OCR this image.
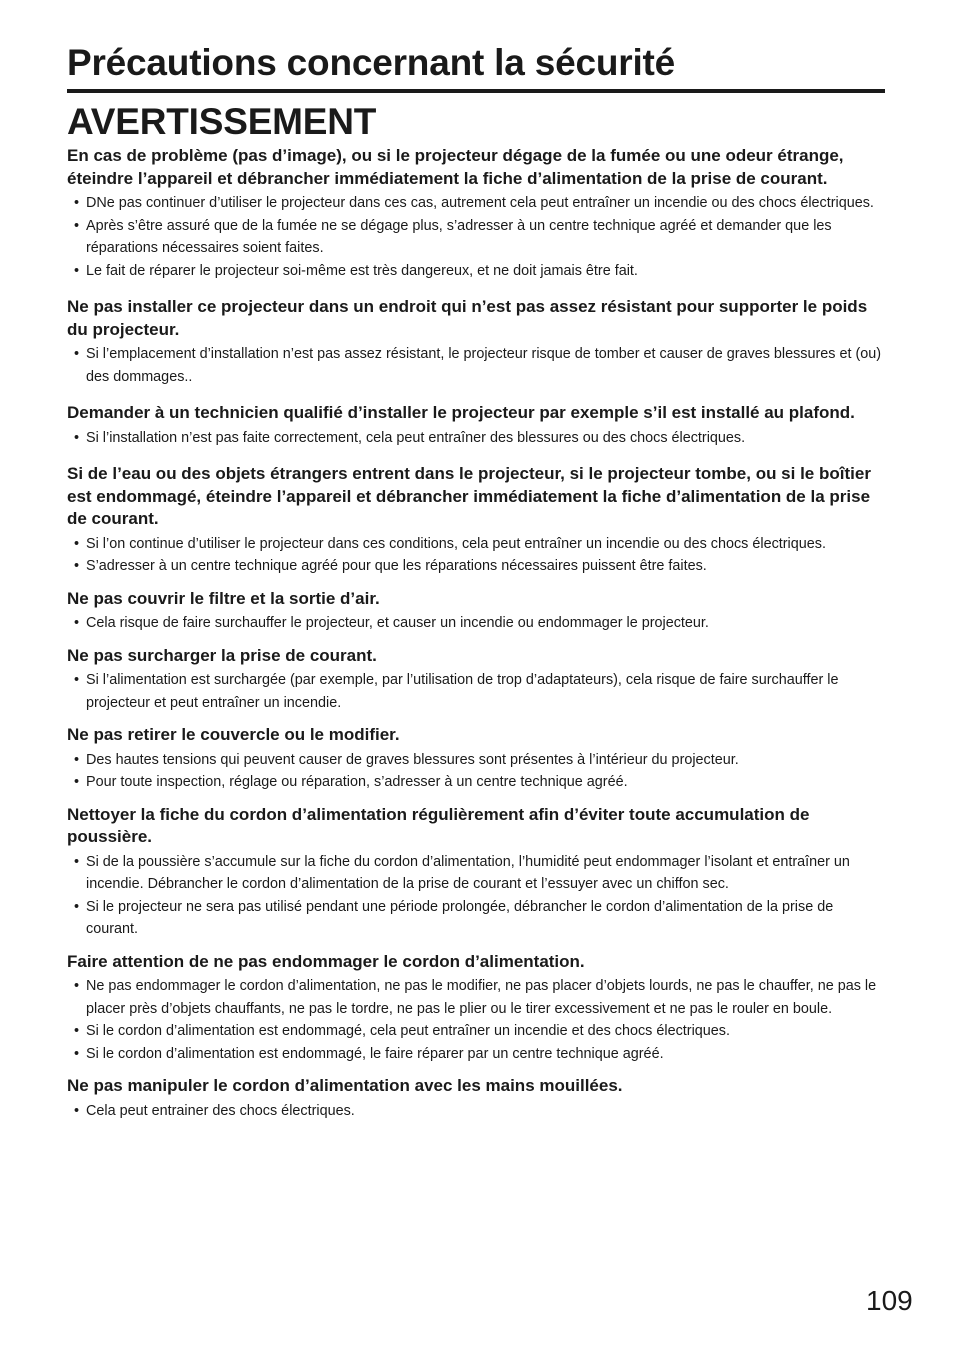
Précautions concernant la sécurité
AVERTISSEMENT
En cas de problème (pas d’image), ou si le projecteur dégage de la fumée ou une odeur étrange, éteindre l’appareil et débrancher immédiatement la fiche d’alimentation de la prise de courant.
• DNe pas continuer d’utiliser le projecteur dans ces cas, autrement cela peut entraîner un incendie ou des chocs électriques.
• Après s’être assuré que de la fumée ne se dégage plus, s’adresser à un centre technique agréé et demander que les réparations nécessaires soient faites.
• Le fait de réparer le projecteur soi-même est très dangereux, et ne doit jamais être fait.
Ne pas installer ce projecteur dans un endroit qui n’est pas assez résistant pour supporter le poids du projecteur.
• Si l’emplacement d’installation n’est pas assez résistant, le projecteur risque de tomber et causer de graves blessures et (ou) des dommages..
Demander à un technicien qualifié d’installer le projecteur par exemple s’il est installé au plafond.
• Si l’installation n’est pas faite correctement, cela peut entraîner des blessures ou des chocs électriques.
Si de l’eau ou des objets étrangers entrent dans le projecteur, si le projecteur tombe, ou si le boîtier est endommagé, éteindre l’appareil et débrancher immédiatement la fiche d’alimentation de la prise de courant.
• Si l’on continue d’utiliser le projecteur dans ces conditions, cela peut entraîner un incendie ou des chocs électriques.
• S’adresser à un centre technique agréé pour que les réparations nécessaires puissent être faites.
Ne pas couvrir le filtre et la sortie d’air.
• Cela risque de faire surchauffer le projecteur, et causer un incendie ou endommager le projecteur.
Ne pas surcharger la prise de courant.
• Si l’alimentation est surchargée (par exemple, par l’utilisation de trop d’adaptateurs), cela risque de faire surchauffer le projecteur et peut entraîner un incendie.
Ne pas retirer le couvercle ou le modifier.
• Des hautes tensions qui peuvent causer de graves blessures sont présentes à l’intérieur du projecteur.
• Pour toute inspection, réglage ou réparation, s’adresser à un centre technique agréé.
Nettoyer la fiche du cordon d’alimentation régulièrement afin d’éviter toute accumulation de poussière.
• Si de la poussière s’accumule sur la fiche du cordon d’alimentation, l’humidité peut endommager l’isolant et entraîner un incendie. Débrancher le cordon d’alimentation de la prise de courant et l’essuyer avec un chiffon sec.
• Si le projecteur ne sera pas utilisé pendant une période prolongée, débrancher le cordon d’alimentation de la prise de courant.
Faire attention de ne pas endommager le cordon d’alimentation.
• Ne pas endommager le cordon d’alimentation, ne pas le modifier, ne pas placer d’objets lourds, ne pas le chauffer, ne pas le placer près d’objets chauffants, ne pas le tordre, ne pas le plier ou le tirer excessivement et ne pas le rouler en boule.
• Si le cordon d’alimentation est endommagé, cela peut entraîner un incendie et des chocs électriques.
• Si le cordon d’alimentation est endommagé, le faire réparer par un centre technique agréé.
Ne pas manipuler le cordon d’alimentation avec les mains mouillées.
• Cela peut entrainer des chocs électriques.
109
